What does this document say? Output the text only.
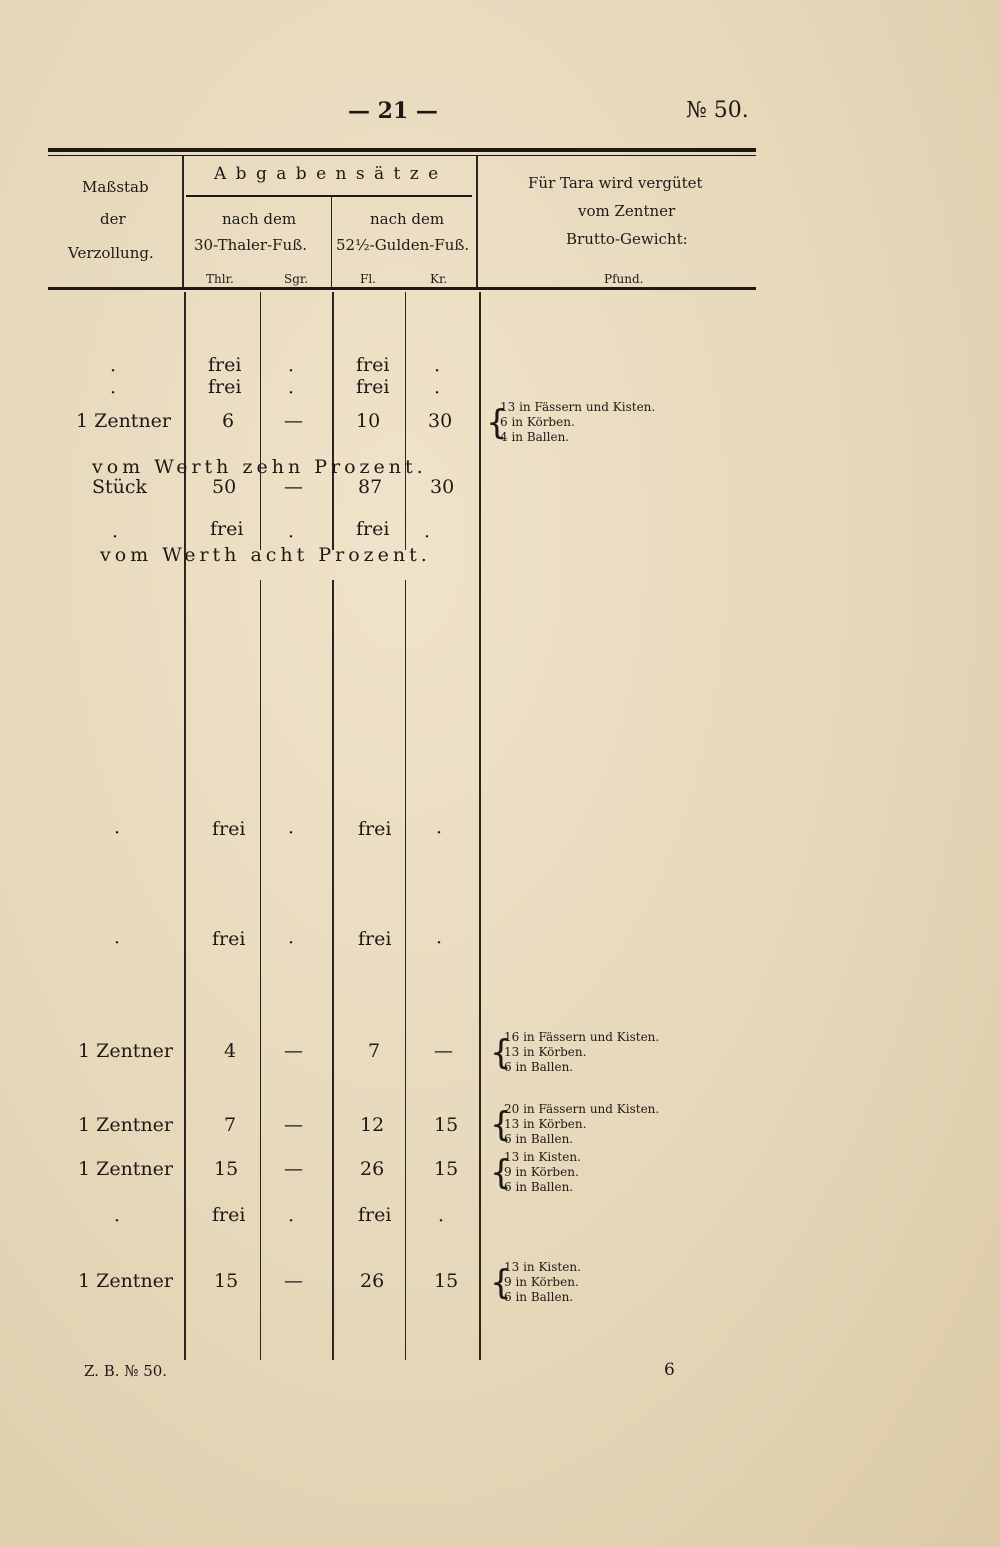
— 21 —	№ 50.
Maßstab
der
Verzollung.
A b g a b e n s ä t z e
nach dem
30-Thaler-Fuß.
nach dem
52½-Gulden-Fuß.
Für Tara wird vergütet
vom Zentner
Brutto-Gewicht:
Thlr.	Sgr.	Fl.	Kr.	Pfund.
·	frei ·	frei ·
·	frei ·	frei ·
1 Zentner	6	—	10	30 {
13 in Fässern und Kisten.
6 in Körben.
4 in Ballen.
vom Werth zehn Prozent.
Stück	50	—	87	30
·	frei ·	frei ·
vom Werth acht Prozent.
·	frei ·	frei ·
·	frei ·	frei ·
1 Zentner	4	—	7	— {
16 in Fässern und Kisten.
13 in Körben.
6 in Ballen.
1 Zentner	7	—	12	15 {
20 in Fässern und Kisten.
13 in Körben.
6 in Ballen.
1 Zentner 15 —	26	15 {
13 in Kisten.
9 in Körben.
6 in Ballen.
·	frei ·	frei ·
1 Zentner 15 —	26	15 {
13 in Kisten.
9 in Körben.
6 in Ballen.
Z. B. № 50.	6
